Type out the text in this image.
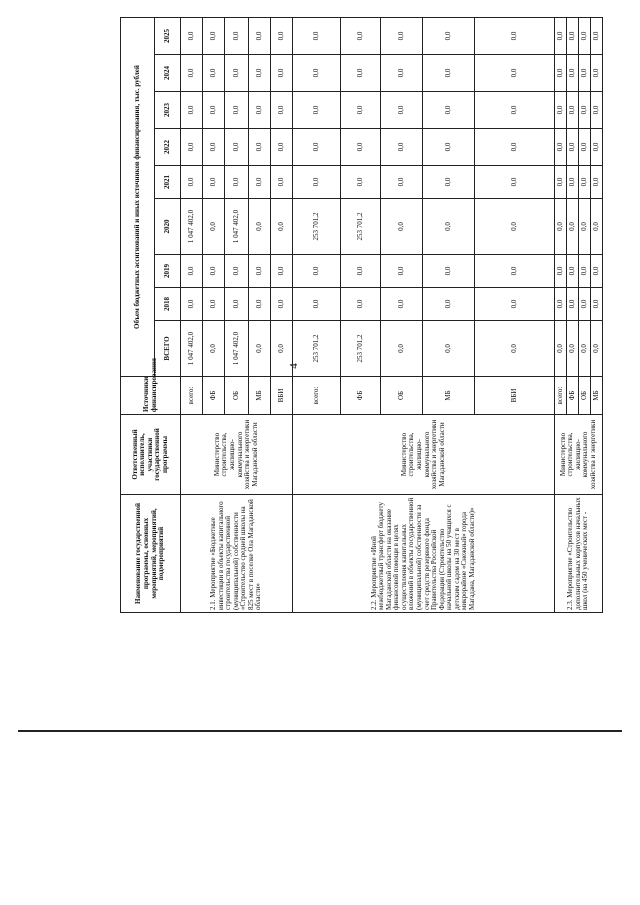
4
Наименование государственной программы, основных мероприятий, мероприятий, подмероприятий	Ответственный исполнитель, участники государственной программы	Источники финансирования	Объем бюджетных ассигнований и иных источников финансирования, тыс. рублей								
			ВСЕГО	2018	2019	2020	2021	2022	2023	2024	2025
2.1. Мероприятие «Бюджетные инвестиции в объекты капитального строительства государственной (муниципальной) собственности «Строительство средней школы на 825 мест в поселке Ола Магаданской области»	Министерство строительства, жилищно-коммунального хозяйства и энергетики Магаданской области	всего:	1 047 402,0	0,0	0,0	1 047 402,0	0,0	0,0	0,0	0,0	0,0
		ФБ	0,0	0,0	0,0	0,0	0,0	0,0	0,0	0,0	0,0
		ОБ	1 047 402,0	0,0	0,0	1 047 402,0	0,0	0,0	0,0	0,0	0,0
		МБ	0,0	0,0	0,0	0,0	0,0	0,0	0,0	0,0	0,0
		ВБИ	0,0	0,0	0,0	0,0	0,0	0,0	0,0	0,0	0,0
2.2. Мероприятие «Иной межбюджетный трансферт бюджету Магаданской области на оказание финансовой помощи в целях осуществления капитальных вложений в объекты государственной (муниципальной) собственности за счет средств резервного фонда Правительства Российской Федерации (Строительство начальной школы на 50 учащихся с детским садом на 30 мест в микрорайоне «Снежный» города Магадана, Магаданской области)»	Министерство строительства, жилищно-коммунального хозяйства и энергетики Магаданской области	всего:	253 701,2	0,0	0,0	253 701,2	0,0	0,0	0,0	0,0	0,0
		ФБ	253 701,2	0,0	0,0	253 701,2	0,0	0,0	0,0	0,0	0,0
		ОБ	0,0	0,0	0,0	0,0	0,0	0,0	0,0	0,0	0,0
		МБ	0,0	0,0	0,0	0,0	0,0	0,0	0,0	0,0	0,0
		ВБИ	0,0	0,0	0,0	0,0	0,0	0,0	0,0	0,0	0,0
2.3. Мероприятие «Строительство дополнительных корпусов начальных школ (на 450 ученических мест -	Министерство строительства, жилищно-коммунального хозяйства и энергетики	всего:	0,0	0,0	0,0	0,0	0,0	0,0	0,0	0,0	0,0
		ФБ	0,0	0,0	0,0	0,0	0,0	0,0	0,0	0,0	0,0
		ОБ	0,0	0,0	0,0	0,0	0,0	0,0	0,0	0,0	0,0
		МБ	0,0	0,0	0,0	0,0	0,0	0,0	0,0	0,0	0,0
